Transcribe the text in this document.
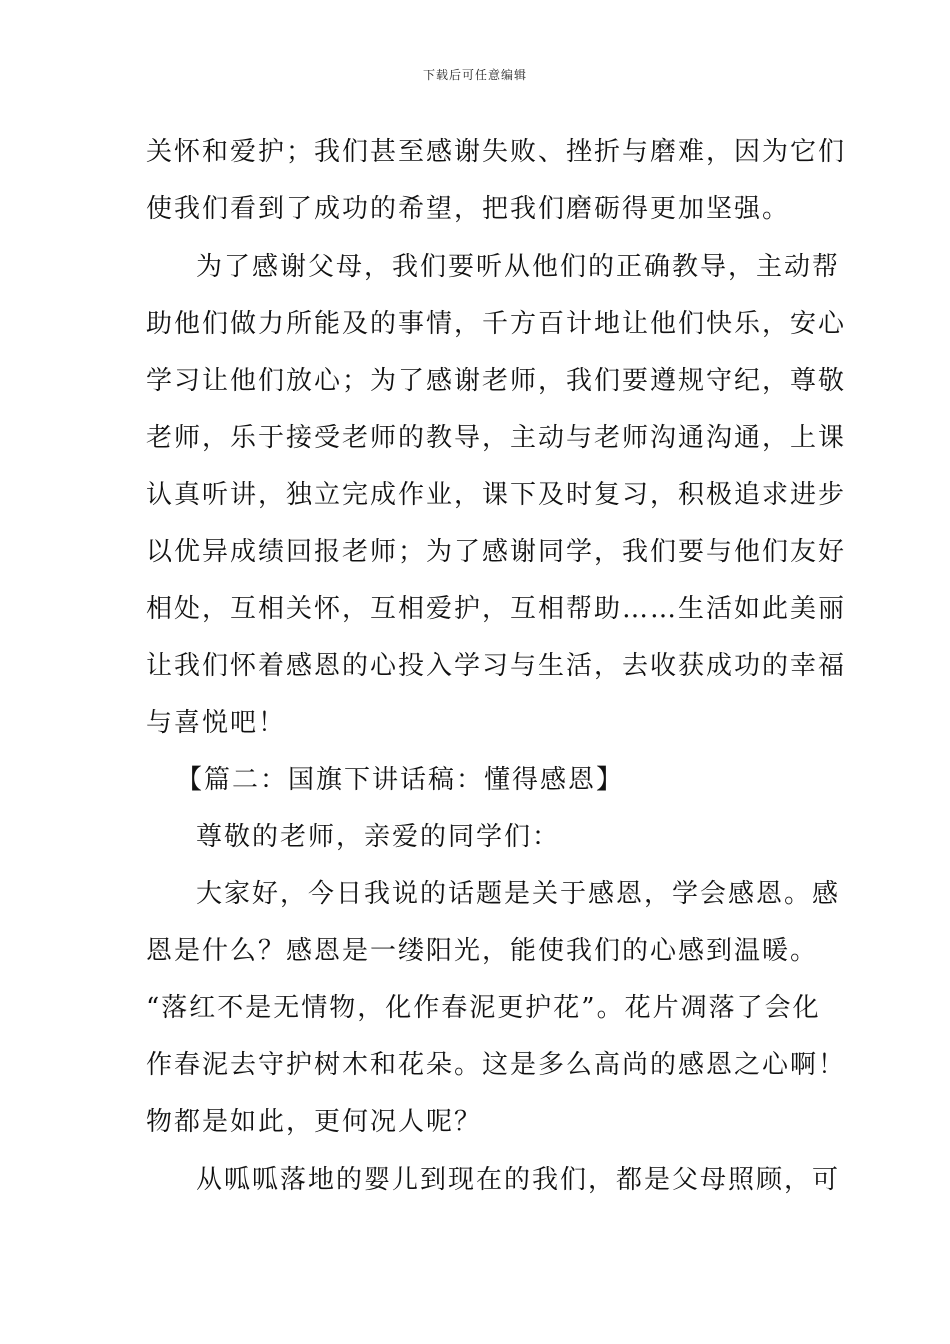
下载后可任意编辑
关怀和爱护；我们甚至感谢失败、挫折与磨难，因为它们
使我们看到了成功的希望，把我们磨砺得更加坚强。
为了感谢父母，我们要听从他们的正确教导，主动帮
助他们做力所能及的事情，千方百计地让他们快乐，安心
学习让他们放心；为了感谢老师，我们要遵规守纪，尊敬
老师，乐于接受老师的教导，主动与老师沟通沟通，上课
认真听讲，独立完成作业，课下及时复习，积极追求进步
以优异成绩回报老师；为了感谢同学，我们要与他们友好
相处，互相关怀，互相爱护，互相帮助……生活如此美丽
让我们怀着感恩的心投入学习与生活，去收获成功的幸福
与喜悦吧！
【篇二：国旗下讲话稿：懂得感恩】
尊敬的老师，亲爱的同学们：
大家好，今日我说的话题是关于感恩，学会感恩。感
恩是什么？感恩是一缕阳光，能使我们的心感到温暖。
“落红不是无情物，化作春泥更护花”。花片凋落了会化
作春泥去守护树木和花朵。这是多么高尚的感恩之心啊！
物都是如此，更何况人呢？
从呱呱落地的婴儿到现在的我们，都是父母照顾，可
